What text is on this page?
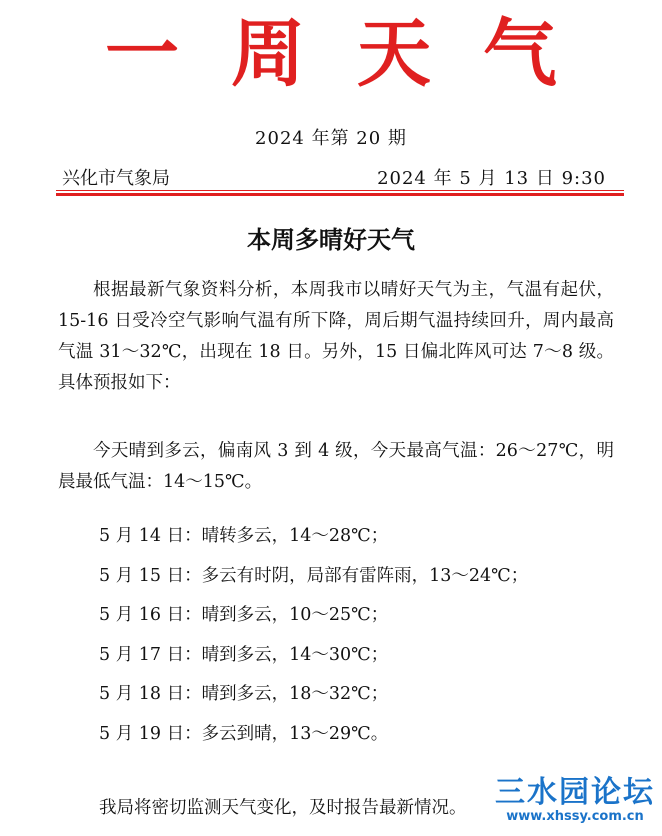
一 周 天 气
2024 年第 20 期
兴化市气象局	2024 年 5 月 13 日 9:30
本周多晴好天气
根据最新气象资料分析，本周我市以晴好天气为主，气温有起伏，15-16 日受冷空气影响气温有所下降，周后期气温持续回升，周内最高气温 31～32℃，出现在 18 日。另外，15 日偏北阵风可达 7～8 级。具体预报如下：
今天晴到多云，偏南风 3 到 4 级，今天最高气温：26～27℃，明晨最低气温：14～15℃。
5 月 14 日：晴转多云，14～28℃；
5 月 15 日：多云有时阴，局部有雷阵雨，13～24℃；
5 月 16 日：晴到多云，10～25℃；
5 月 17 日：晴到多云，14～30℃；
5 月 18 日：晴到多云，18～32℃；
5 月 19 日：多云到晴，13～29℃。
我局将密切监测天气变化，及时报告最新情况。 三水园论坛
www.xhssy.com.cn
